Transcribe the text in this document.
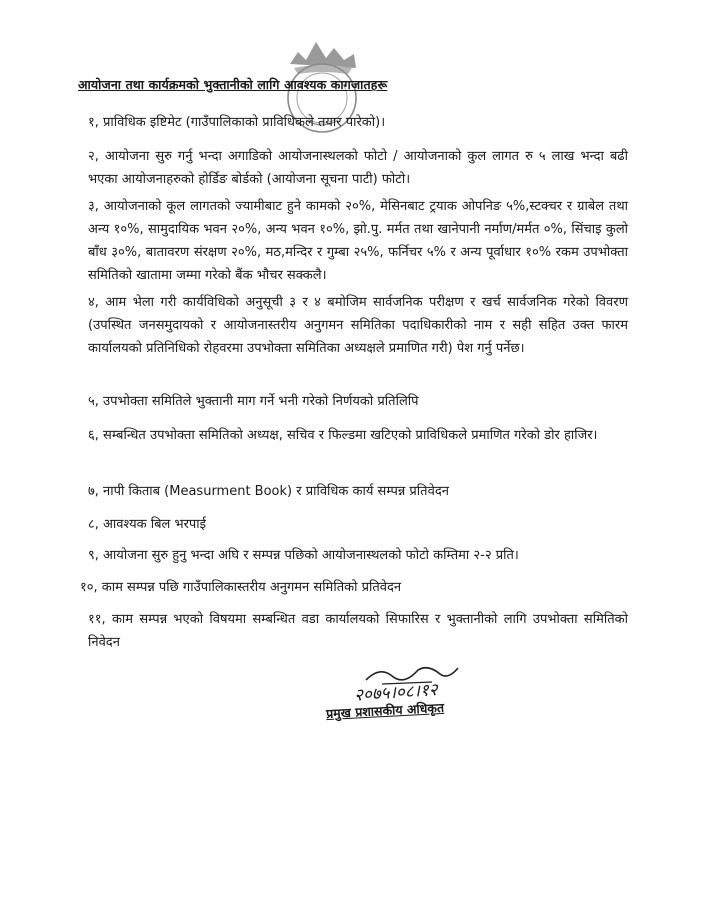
आयोजना तथा कार्यक्रमको भुक्तानीको लागि आवश्यक कागजातहरू

१, प्राविधिक इष्टिमेट (गाउँपालिकाको प्राविधिकले तयार पारेको)।

२, आयोजना सुरु गर्नु भन्दा अगाडिको आयोजनास्थलको फोटो / आयोजनाको कुल लागत रु ५ लाख भन्दा बढी भएका आयोजनाहरुको होर्डिङ बोर्डको (आयोजना सूचना पाटी) फोटो।

३, आयोजनाको कूल लागतको ज्यामीबाट हुने कामको २०%, मेसिनबाट ट्रयाक ओपनिङ ५%,स्टक्चर र ग्राबेल तथा अन्य १०%, सामुदायिक भवन २०%, अन्य भवन १०%, झो.पु. मर्मत तथा खानेपानी नर्माण/मर्मत ०%, सिंचाइ कुलो बाँध ३०%, बातावरण संरक्षण २०%, मठ,मन्दिर र गुम्बा २५%, फर्निचर ५% र अन्य पूर्वाधार १०% रकम उपभोक्ता समितिको खातामा जम्मा गरेको बैंक भौचर सक्कलै।

४, आम भेला गरी कार्यविधिको अनुसूची ३ र ४ बमोजिम सार्वजनिक परीक्षण र खर्च सार्वजनिक गरेको विवरण (उपस्थित जनसमुदायको र आयोजनास्तरीय अनुगमन समितिका पदाधिकारीको नाम र सही सहित उक्त फारम कार्यालयको प्रतिनिधिको रोहवरमा उपभोक्ता समितिका अध्यक्षले प्रमाणित गरी) पेश गर्नु पर्नेछ।

५, उपभोक्ता समितिले भुक्तानी माग गर्ने भनी गरेको निर्णयको प्रतिलिपि

६, सम्बन्धित उपभोक्ता समितिको अध्यक्ष, सचिव र फिल्डमा खटिएको प्राविधिकले प्रमाणित गरेको डोर हाजिर।

७, नापी किताब (Measurment Book) र प्राविधिक कार्य सम्पन्न प्रतिवेदन

८, आवश्यक बिल भरपाई

९, आयोजना सुरु हुनु भन्दा अघि र सम्पन्न पछिको आयोजनास्थलको फोटो कम्तिमा २-२ प्रति।

१०, काम सम्पन्न पछि गाउँपालिकास्तरीय अनुगमन समितिको प्रतिवेदन

११, काम सम्पन्न भएको विषयमा सम्बन्धित वडा कार्यालयको सिफारिस र भुक्तानीको लागि उपभोक्ता समितिको निवेदन

२०७५।०८।१२

प्रमुख प्रशासकीय अधिकृत
